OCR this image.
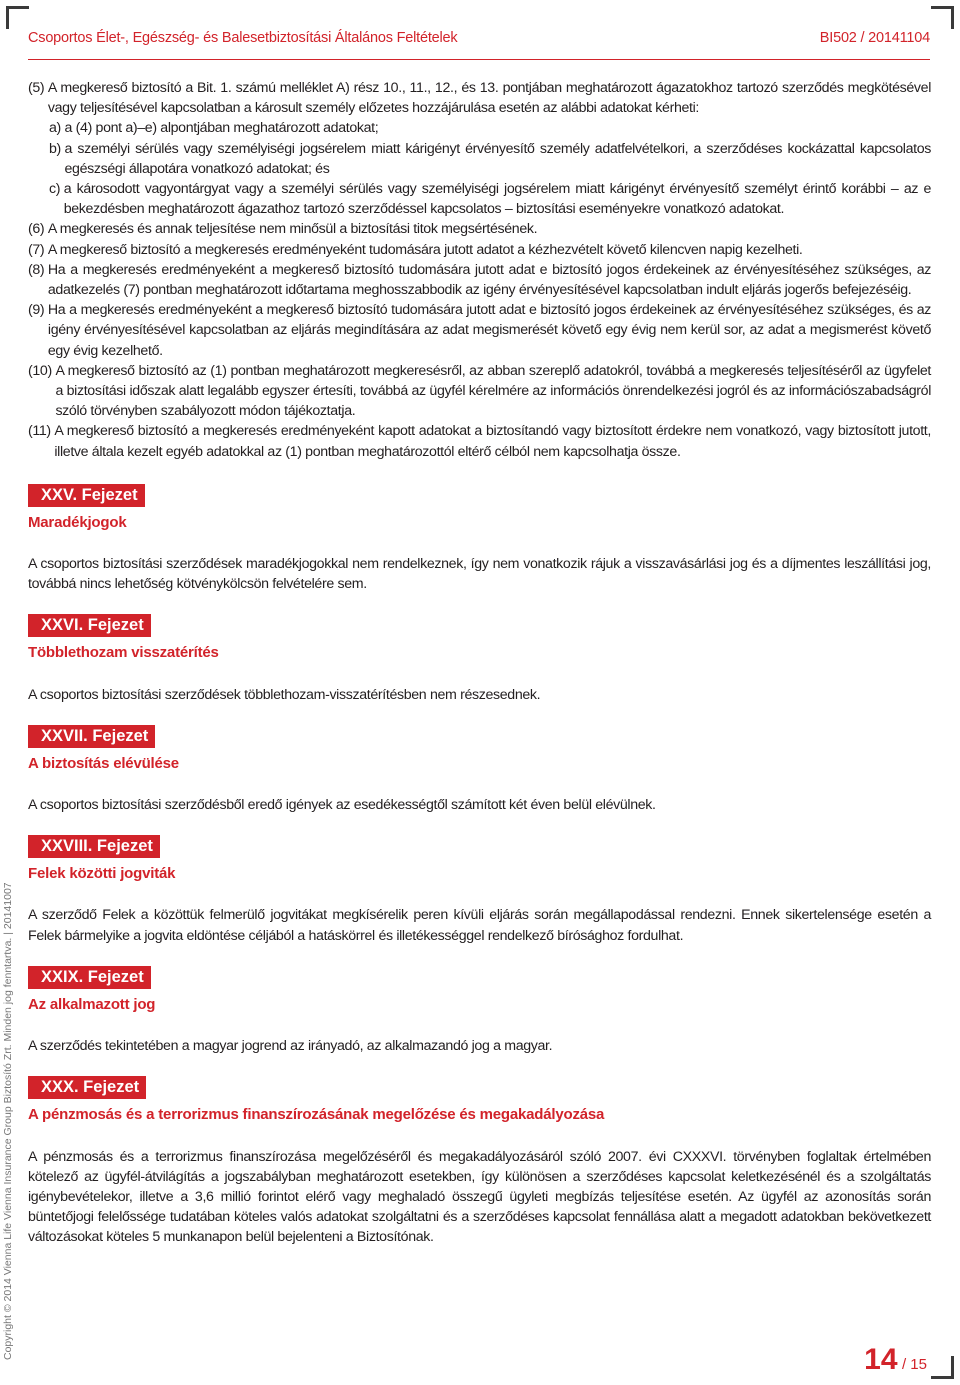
Csoportos Élet-, Egészség- és Balesetbiztosítási Általános Feltételek	BI502 / 20141104
(5)
A megkereső biztosító a Bit. 1. számú melléklet A) rész 10., 11., 12., és 13. pontjában meghatározott ágazatokhoz tartozó szerződés megkötésével vagy teljesítésével kapcsolatban a károsult személy előzetes hozzájárulása esetén az alábbi adatokat kérheti:
a) a (4) pont a)–e) alpontjában meghatározott adatokat;
b) a személyi sérülés vagy személyiségi jogsérelem miatt kárigényt érvényesítő személy adatfelvételkori, a szerződéses kockázattal kapcsolatos egészségi állapotára vonatkozó adatokat; és
c) a károsodott vagyontárgyat vagy a személyi sérülés vagy személyiségi jogsérelem miatt kárigényt érvényesítő személyt érintő korábbi – az e bekezdésben meghatározott ágazathoz tartozó szerződéssel kapcsolatos – biztosítási eseményekre vonatkozó adatokat.
(6)
A megkeresés és annak teljesítése nem minősül a biztosítási titok megsértésének.
(7)
A megkereső biztosító a megkeresés eredményeként tudomására jutott adatot a kézhezvételt követő kilencven napig kezelheti.
(8)
Ha a megkeresés eredményeként a megkereső biztosító tudomására jutott adat e biztosító jogos érdekeinek az érvényesítéséhez szükséges, az adatkezelés (7) pontban meghatározott időtartama meghosszabbodik az igény érvényesítésével kapcsolatban indult eljárás jogerős befejezéséig.
(9)
Ha a megkeresés eredményeként a megkereső biztosító tudomására jutott adat e biztosító jogos érdekeinek az érvényesítéséhez szükséges, és az igény érvényesítésével kapcsolatban az eljárás megindítására az adat megismerését követő egy évig nem kerül sor, az adat a megismerést követő egy évig kezelhető.
(10)
A megkereső biztosító az (1) pontban meghatározott megkeresésről, az abban szereplő adatokról, továbbá a megkeresés teljesítéséről az ügyfelet a biztosítási időszak alatt legalább egyszer értesíti, továbbá az ügyfél kérelmére az információs önrendelkezési jogról és az információszabadságról szóló törvényben szabályozott módon tájékoztatja.
(11)
A megkereső biztosító a megkeresés eredményeként kapott adatokat a biztosítandó vagy biztosított érdekre nem vonatkozó, vagy biztosított jutott, illetve általa kezelt egyéb adatokkal az (1) pontban meghatározottól eltérő célból nem kapcsolhatja össze.
XXV. Fejezet
Maradékjogok

A csoportos biztosítási szerződések maradékjogokkal nem rendelkeznek, így nem vonatkozik rájuk a visszavásárlási jog és a díjmentes leszállítási jog, továbbá nincs lehetőség kötvénykölcsön felvételére sem.

XXVI. Fejezet
Többlethozam visszatérítés

A csoportos biztosítási szerződések többlethozam-visszatérítésben nem részesednek.

XXVII. Fejezet
A biztosítás elévülése

A csoportos biztosítási szerződésből eredő igények az esedékességtől számított két éven belül elévülnek.

XXVIII. Fejezet
Felek közötti jogviták

A szerződő Felek a közöttük felmerülő jogvitákat megkísérelik peren kívüli eljárás során megállapodással rendezni. Ennek sikertelensége esetén a Felek bármelyike a jogvita eldöntése céljából a hatáskörrel és illetékességgel rendelkező bírósághoz fordulhat.

XXIX. Fejezet
Az alkalmazott jog

A szerződés tekintetében a magyar jogrend az irányadó, az alkalmazandó jog a magyar.

XXX. Fejezet
A pénzmosás és a terrorizmus finanszírozásának megelőzése és megakadályozása

A pénzmosás és a terrorizmus finanszírozása megelőzéséről és megakadályozásáról szóló 2007. évi CXXXVI. törvényben foglaltak értelmében kötelező az ügyfél-átvilágítás a jogszabályban meghatározott esetekben, így különösen a szerződéses kapcsolat keletkezésénél és a szolgáltatás igénybevételekor, illetve a 3,6 millió forintot elérő vagy meghaladó összegű ügyleti megbízás teljesítése esetén. Az ügyfél az azonosítás során büntetőjogi felelőssége tudatában köteles valós adatokat szolgáltatni és a szerződéses kapcsolat fennállása alatt a megadott adatokban bekövetkezett változásokat köteles 5 munkanapon belül bejelenteni a Biztosítónak.

Copyright © 2014 Vienna Life Vienna Insurance Group Biztosító Zrt. Minden jog fenntartva. | 20141007	14 / 15
